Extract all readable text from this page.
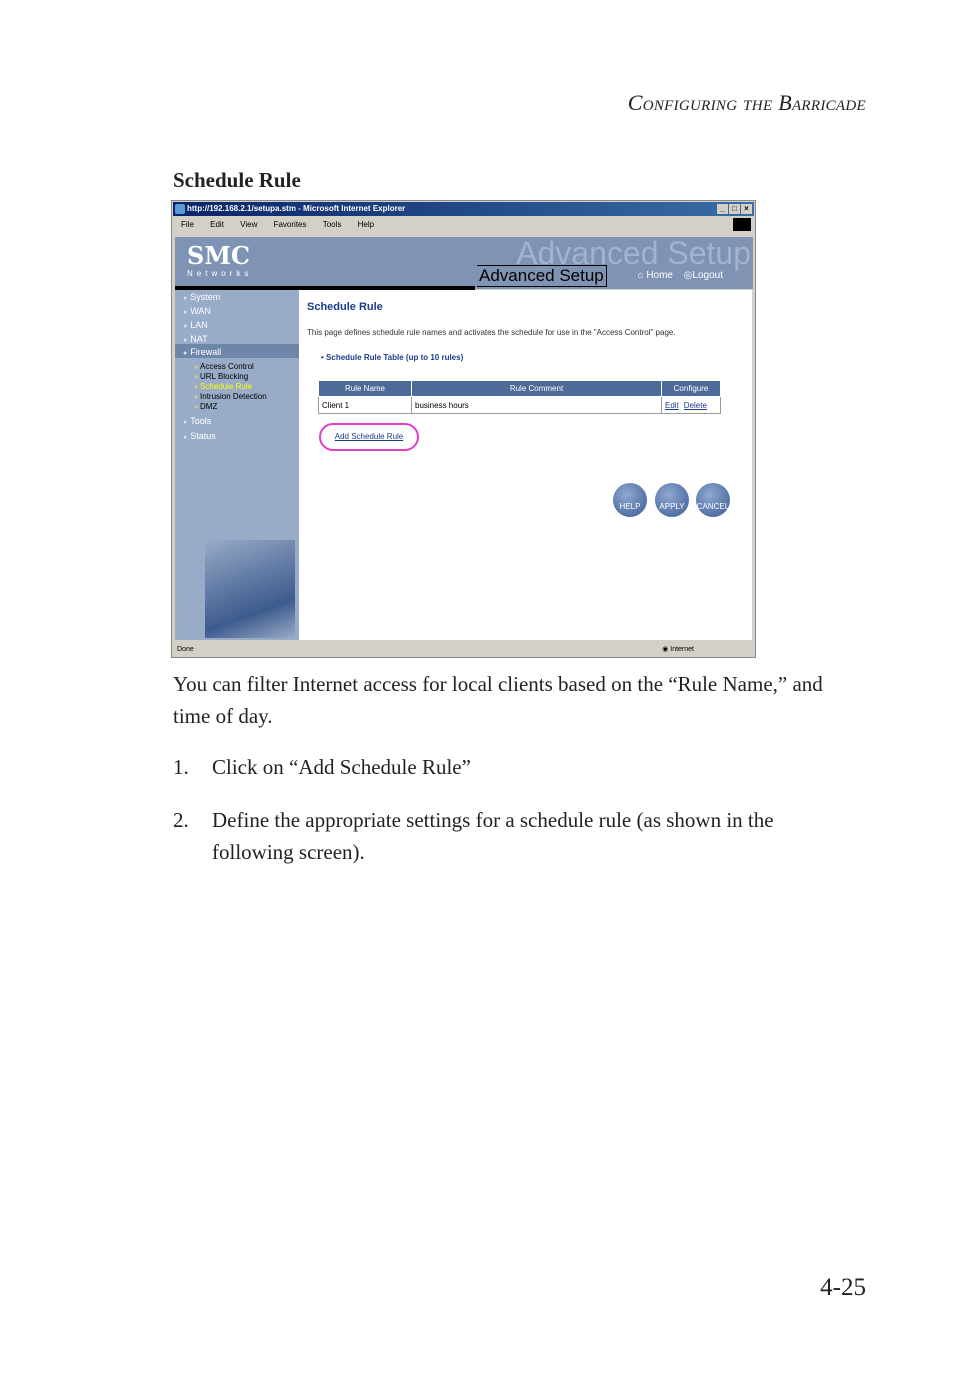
Configuring the Barricade
Schedule Rule
http://192.168.2.1/setupa.stm - Microsoft Internet Explorer	_ □ ×
File Edit View Favorites Tools Help
SMC
Networks
Advanced Setup
Advanced Setup	⌂ Home ◎Logout
● System
● WAN
● LAN
● NAT
● Firewall
▸ Access Control
▸ URL Blocking
▸ Schedule Rule
▸ Intrusion Detection
▸ DMZ
● Tools
● Status
Schedule Rule
This page defines schedule rule names and activates the schedule for use in the "Access Control" page.
• Schedule Rule Table (up to 10 rules)
Rule Name	Rule Comment	Configure
Client 1	business hours	Edit Delete
Add Schedule Rule
HELP	APPLY	CANCEL
Done	◉ Internet
You can filter Internet access for local clients based on the “Rule Name,” and time of day.
1. Click on “Add Schedule Rule”
2. Define the appropriate settings for a schedule rule (as shown in the following screen).
4-25
